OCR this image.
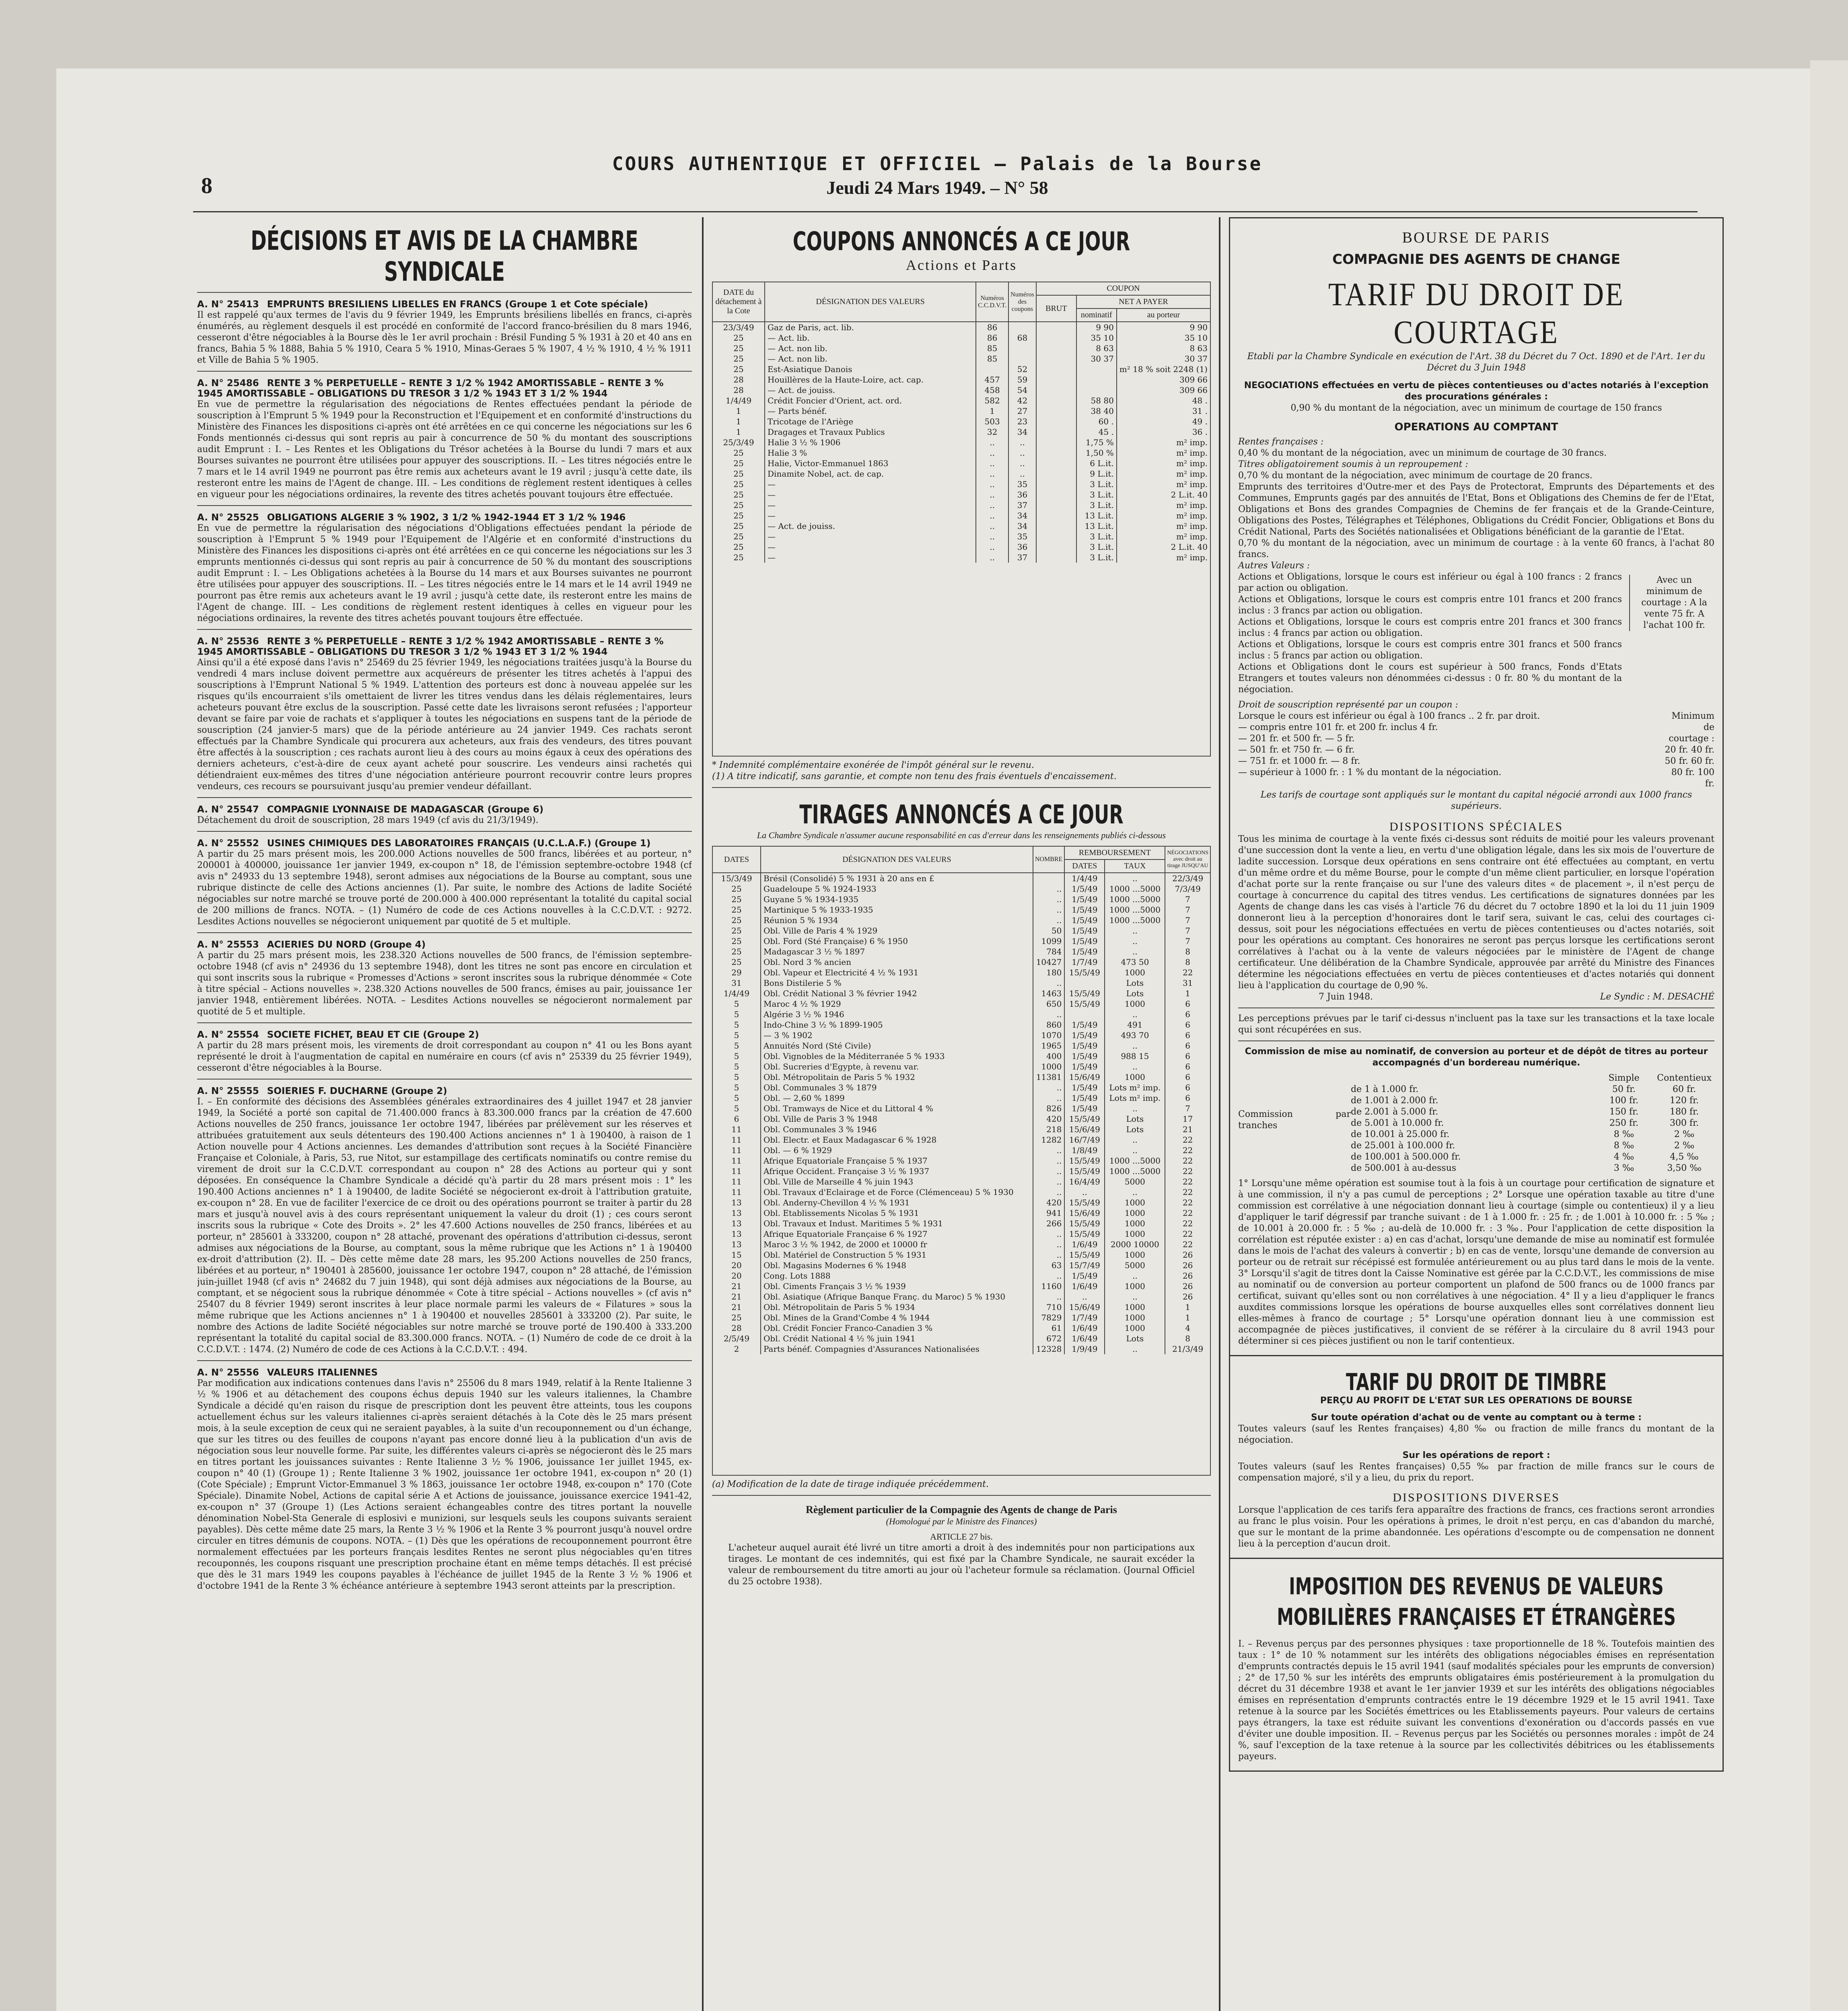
8
COURS AUTHENTIQUE ET OFFICIEL – Palais de la Bourse
Jeudi 24 Mars 1949. – N° 58
DÉCISIONS ET AVIS DE LA CHAMBRE SYNDICALE
A. N° 25413 EMPRUNTS BRESILIENS LIBELLES EN FRANCS (Groupe 1 et Cote spéciale)
Il est rappelé qu'aux termes de l'avis du 9 février 1949, les Emprunts brésiliens libellés en francs, ci-après énumérés, au règlement desquels il est procédé en conformité de l'accord franco-brésilien du 8 mars 1946, cesseront d'être négociables à la Bourse dès le 1er avril prochain : Brésil Funding 5 % 1931 à 20 et 40 ans en francs, Bahia 5 % 1888, Bahia 5 % 1910, Ceara 5 % 1910, Minas-Geraes 5 % 1907, 4 ½ % 1910, 4 ½ % 1911 et Ville de Bahia 5 % 1905.
A. N° 25486 RENTE 3 % PERPETUELLE – RENTE 3 1/2 % 1942 AMORTISSABLE – RENTE 3 % 1945 AMORTISSABLE – OBLIGATIONS DU TRESOR 3 1/2 % 1943 ET 3 1/2 % 1944
En vue de permettre la régularisation des négociations de Rentes effectuées pendant la période de souscription à l'Emprunt 5 % 1949 pour la Reconstruction et l'Equipement et en conformité d'instructions du Ministère des Finances les dispositions ci-après ont été arrêtées en ce qui concerne les négociations sur les 6 Fonds mentionnés ci-dessus qui sont repris au pair à concurrence de 50 % du montant des souscriptions audit Emprunt : I. – Les Rentes et les Obligations du Trésor achetées à la Bourse du lundi 7 mars et aux Bourses suivantes ne pourront être utilisées pour appuyer des souscriptions. II. – Les titres négociés entre le 7 mars et le 14 avril 1949 ne pourront pas être remis aux acheteurs avant le 19 avril ; jusqu'à cette date, ils resteront entre les mains de l'Agent de change. III. – Les conditions de règlement restent identiques à celles en vigueur pour les négociations ordinaires, la revente des titres achetés pouvant toujours être effectuée.
A. N° 25525 OBLIGATIONS ALGERIE 3 % 1902, 3 1/2 % 1942-1944 ET 3 1/2 % 1946
En vue de permettre la régularisation des négociations d'Obligations effectuées pendant la période de souscription à l'Emprunt 5 % 1949 pour l'Equipement de l'Algérie et en conformité d'instructions du Ministère des Finances les dispositions ci-après ont été arrêtées en ce qui concerne les négociations sur les 3 emprunts mentionnés ci-dessus qui sont repris au pair à concurrence de 50 % du montant des souscriptions audit Emprunt : I. – Les Obligations achetées à la Bourse du 14 mars et aux Bourses suivantes ne pourront être utilisées pour appuyer des souscriptions. II. – Les titres négociés entre le 14 mars et le 14 avril 1949 ne pourront pas être remis aux acheteurs avant le 19 avril ; jusqu'à cette date, ils resteront entre les mains de l'Agent de change. III. – Les conditions de règlement restent identiques à celles en vigueur pour les négociations ordinaires, la revente des titres achetés pouvant toujours être effectuée.
A. N° 25536 RENTE 3 % PERPETUELLE – RENTE 3 1/2 % 1942 AMORTISSABLE – RENTE 3 % 1945 AMORTISSABLE – OBLIGATIONS DU TRESOR 3 1/2 % 1943 ET 3 1/2 % 1944
Ainsi qu'il a été exposé dans l'avis n° 25469 du 25 février 1949, les négociations traitées jusqu'à la Bourse du vendredi 4 mars incluse doivent permettre aux acquéreurs de présenter les titres achetés à l'appui des souscriptions à l'Emprunt National 5 % 1949. L'attention des porteurs est donc à nouveau appelée sur les risques qu'ils encourraient s'ils omettaient de livrer les titres vendus dans les délais réglementaires, leurs acheteurs pouvant être exclus de la souscription. Passé cette date les livraisons seront refusées ; l'apporteur devant se faire par voie de rachats et s'appliquer à toutes les négociations en suspens tant de la période de souscription (24 janvier-5 mars) que de la période antérieure au 24 janvier 1949. Ces rachats seront effectués par la Chambre Syndicale qui procurera aux acheteurs, aux frais des vendeurs, des titres pouvant être affectés à la souscription ; ces rachats auront lieu à des cours au moins égaux à ceux des opérations des derniers acheteurs, c'est-à-dire de ceux ayant acheté pour souscrire. Les vendeurs ainsi rachetés qui détiendraient eux-mêmes des titres d'une négociation antérieure pourront recouvrir contre leurs propres vendeurs, ces recours se poursuivant jusqu'au premier vendeur défaillant.
A. N° 25547 COMPAGNIE LYONNAISE DE MADAGASCAR (Groupe 6)
Détachement du droit de souscription, 28 mars 1949 (cf avis du 21/3/1949).
A. N° 25552 USINES CHIMIQUES DES LABORATOIRES FRANÇAIS (U.C.L.A.F.) (Groupe 1)
A partir du 25 mars présent mois, les 200.000 Actions nouvelles de 500 francs, libérées et au porteur, n° 200001 à 400000, jouissance 1er janvier 1949, ex-coupon n° 18, de l'émission septembre-octobre 1948 (cf avis n° 24933 du 13 septembre 1948), seront admises aux négociations de la Bourse au comptant, sous une rubrique distincte de celle des Actions anciennes (1). Par suite, le nombre des Actions de ladite Société négociables sur notre marché se trouve porté de 200.000 à 400.000 représentant la totalité du capital social de 200 millions de francs. NOTA. – (1) Numéro de code de ces Actions nouvelles à la C.C.D.V.T. : 9272. Lesdites Actions nouvelles se négocieront uniquement par quotité de 5 et multiple.
A. N° 25553 ACIERIES DU NORD (Groupe 4)
A partir du 25 mars présent mois, les 238.320 Actions nouvelles de 500 francs, de l'émission septembre-octobre 1948 (cf avis n° 24936 du 13 septembre 1948), dont les titres ne sont pas encore en circulation et qui sont inscrits sous la rubrique « Promesses d'Actions » seront inscrites sous la rubrique dénommée « Cote à titre spécial – Actions nouvelles ». 238.320 Actions nouvelles de 500 francs, émises au pair, jouissance 1er janvier 1948, entièrement libérées. NOTA. – Lesdites Actions nouvelles se négocieront normalement par quotité de 5 et multiple.
A. N° 25554 SOCIETE FICHET, BEAU ET CIE (Groupe 2)
A partir du 28 mars présent mois, les virements de droit correspondant au coupon n° 41 ou les Bons ayant représenté le droit à l'augmentation de capital en numéraire en cours (cf avis n° 25339 du 25 février 1949), cesseront d'être négociables à la Bourse.
A. N° 25555 SOIERIES F. DUCHARNE (Groupe 2)
I. – En conformité des décisions des Assemblées générales extraordinaires des 4 juillet 1947 et 28 janvier 1949, la Société a porté son capital de 71.400.000 francs à 83.300.000 francs par la création de 47.600 Actions nouvelles de 250 francs, jouissance 1er octobre 1947, libérées par prélèvement sur les réserves et attribuées gratuitement aux seuls détenteurs des 190.400 Actions anciennes n° 1 à 190400, à raison de 1 Action nouvelle pour 4 Actions anciennes. Les demandes d'attribution sont reçues à la Société Financière Française et Coloniale, à Paris, 53, rue Nitot, sur estampillage des certificats nominatifs ou contre remise du virement de droit sur la C.C.D.V.T. correspondant au coupon n° 28 des Actions au porteur qui y sont déposées. En conséquence la Chambre Syndicale a décidé qu'à partir du 28 mars présent mois : 1° les 190.400 Actions anciennes n° 1 à 190400, de ladite Société se négocieront ex-droit à l'attribution gratuite, ex-coupon n° 28. En vue de faciliter l'exercice de ce droit ou des opérations pourront se traiter à partir du 28 mars et jusqu'à nouvel avis à des cours représentant uniquement la valeur du droit (1) ; ces cours seront inscrits sous la rubrique « Cote des Droits ». 2° les 47.600 Actions nouvelles de 250 francs, libérées et au porteur, n° 285601 à 333200, coupon n° 28 attaché, provenant des opérations d'attribution ci-dessus, seront admises aux négociations de la Bourse, au comptant, sous la même rubrique que les Actions n° 1 à 190400 ex-droit d'attribution (2). II. – Dès cette même date 28 mars, les 95.200 Actions nouvelles de 250 francs, libérées et au porteur, n° 190401 à 285600, jouissance 1er octobre 1947, coupon n° 28 attaché, de l'émission juin-juillet 1948 (cf avis n° 24682 du 7 juin 1948), qui sont déjà admises aux négociations de la Bourse, au comptant, et se négocient sous la rubrique dénommée « Cote à titre spécial – Actions nouvelles » (cf avis n° 25407 du 8 février 1949) seront inscrites à leur place normale parmi les valeurs de « Filatures » sous la même rubrique que les Actions anciennes n° 1 à 190400 et nouvelles 285601 à 333200 (2). Par suite, le nombre des Actions de ladite Société négociables sur notre marché se trouve porté de 190.400 à 333.200 représentant la totalité du capital social de 83.300.000 francs. NOTA. – (1) Numéro de code de ce droit à la C.C.D.V.T. : 1474. (2) Numéro de code de ces Actions à la C.C.D.V.T. : 494.
A. N° 25556 VALEURS ITALIENNES
Par modification aux indications contenues dans l'avis n° 25506 du 8 mars 1949, relatif à la Rente Italienne 3 ½ % 1906 et au détachement des coupons échus depuis 1940 sur les valeurs italiennes, la Chambre Syndicale a décidé qu'en raison du risque de prescription dont les peuvent être atteints, tous les coupons actuellement échus sur les valeurs italiennes ci-après seraient détachés à la Cote dès le 25 mars présent mois, à la seule exception de ceux qui ne seraient payables, à la suite d'un recouponnement ou d'un échange, que sur les titres ou des feuilles de coupons n'ayant pas encore donné lieu à la publication d'un avis de négociation sous leur nouvelle forme. Par suite, les différentes valeurs ci-après se négocieront dès le 25 mars en titres portant les jouissances suivantes : Rente Italienne 3 ½ % 1906, jouissance 1er juillet 1945, ex-coupon n° 40 (1) (Groupe 1) ; Rente Italienne 3 % 1902, jouissance 1er octobre 1941, ex-coupon n° 20 (1) (Cote Spéciale) ; Emprunt Victor-Emmanuel 3 % 1863, jouissance 1er octobre 1948, ex-coupon n° 170 (Cote Spéciale). Dinamite Nobel, Actions de capital série A et Actions de jouissance, jouissance exercice 1941-42, ex-coupon n° 37 (Groupe 1) (Les Actions seraient échangeables contre des titres portant la nouvelle dénomination Nobel-Sta Generale di esplosivi e munizioni, sur lesquels seuls les coupons suivants seraient payables). Dès cette même date 25 mars, la Rente 3 ½ % 1906 et la Rente 3 % pourront jusqu'à nouvel ordre circuler en titres démunis de coupons. NOTA. – (1) Dès que les opérations de recouponnement pourront être normalement effectuées par les porteurs français lesdites Rentes ne seront plus négociables qu'en titres recouponnés, les coupons risquant une prescription prochaine étant en même temps détachés. Il est précisé que dès le 31 mars 1949 les coupons payables à l'échéance de juillet 1945 de la Rente 3 ½ % 1906 et d'octobre 1941 de la Rente 3 % échéance antérieure à septembre 1943 seront atteints par la prescription.
COUPONS ANNONCÉS A CE JOUR
Actions et Parts
DATE du détachement à la Cote	DÉSIGNATION DES VALEURS	Numéros C.C.D.V.T.	Numéros des coupons	COUPON		
				BRUT	NET A PAYER	
					nominatif	au porteur
23/3/49	Gaz de Paris, act. lib.	86			9 90	9 90
25	— Act. lib.	86	68		35 10	35 10
25	— Act. non lib.	85			8 63	8 63
25	— Act. non lib.	85			30 37	30 37
25	Est-Asiatique Danois		52			m² 18 % soit 2248 (1)
28	Houillères de la Haute-Loire, act. cap.	457	59			309 66
28	— Act. de jouiss.	458	54			309 66
1/4/49	Crédit Foncier d'Orient, act. ord.	582	42		58 80	48 .
1	— Parts bénéf.	1	27		38 40	31 .
1	Tricotage de l'Ariège	503	23		60 .	49 .
1	Dragages et Travaux Publics	32	34		45 .	36 .
25/3/49	Halie 3 ½ % 1906	..	..		1,75 %	m² imp.
25	Halie 3 %	..	..		1,50 %	m² imp.
25	Halie, Victor-Emmanuel 1863	..	..		6 L.it.	m² imp.
25	Dinamite Nobel, act. de cap.	..	..		9 L.it.	m² imp.
25	—	..	35		3 L.it.	m² imp.
25	—	..	36		3 L.it.	2 L.it. 40
25	—	..	37		3 L.it.	m² imp.
25	—	..	34		13 L.it.	m² imp.
25	— Act. de jouiss.	..	34		13 L.it.	m² imp.
25	—	..	35		3 L.it.	m² imp.
25	—	..	36		3 L.it.	2 L.it. 40
25	—	..	37		3 L.it.	m² imp.
* Indemnité complémentaire exonérée de l'impôt général sur le revenu.
(1) A titre indicatif, sans garantie, et compte non tenu des frais éventuels d'encaissement.
TIRAGES ANNONCÉS A CE JOUR
La Chambre Syndicale n'assumer aucune responsabilité en cas d'erreur dans les renseignements publiés ci-dessous
DATES	DÉSIGNATION DES VALEURS	NOMBRE	REMBOURSEMENT		NÉGOCIATIONS avec droit au tirage JUSQU'AU
			DATES	TAUX	
15/3/49	Brésil (Consolidé) 5 % 1931 à 20 ans en £		1/4/49	..	22/3/49
25	Guadeloupe 5 % 1924-1933	..	1/5/49	1000 ...5000	7/3/49
25	Guyane 5 % 1934-1935	..	1/5/49	1000 ...5000	7
25	Martinique 5 % 1933-1935	..	1/5/49	1000 ...5000	7
25	Réunion 5 % 1934	..	1/5/49	1000 ...5000	7
25	Obl. Ville de Paris 4 % 1929	50	1/5/49	..	7
25	Obl. Ford (Sté Française) 6 % 1950	1099	1/5/49	..	7
25	Madagascar 3 ½ % 1897	784	1/5/49	..	8
25	Obl. Nord 3 % ancien	10427	1/7/49	473 50	8
29	Obl. Vapeur et Electricité 4 ½ % 1931	180	15/5/49	1000	22
31	Bons Distilerie 5 %	..		Lots	31
1/4/49	Obl. Crédit National 3 % février 1942	1463	15/5/49	Lots	1
5	Maroc 4 ½ % 1929	650	15/5/49	1000	6
5	Algérie 3 ½ % 1946	..		..	6
5	Indo-Chine 3 ½ % 1899-1905	860	1/5/49	491	6
5	— 3 % 1902	1070	1/5/49	493 70	6
5	Annuités Nord (Sté Civile)	1965	1/5/49	..	6
5	Obl. Vignobles de la Méditerranée 5 % 1933	400	1/5/49	988 15	6
5	Obl. Sucreries d'Egypte, à revenu var.	1000	1/5/49	..	6
5	Obl. Métropolitain de Paris 5 % 1932	11381	15/6/49	1000	6
5	Obl. Communales 3 % 1879	..	1/5/49	Lots m² imp.	6
5	Obl. — 2,60 % 1899	..	1/5/49	Lots m² imp.	6
5	Obl. Tramways de Nice et du Littoral 4 %	826	1/5/49	..	7
6	Obl. Ville de Paris 3 % 1948	420	15/5/49	Lots	17
11	Obl. Communales 3 % 1946	218	15/6/49	Lots	21
11	Obl. Electr. et Eaux Madagascar 6 % 1928	1282	16/7/49	..	22
11	Obl. — 6 % 1929	..	1/8/49	..	22
11	Afrique Equatoriale Française 5 % 1937	..	15/5/49	1000 ...5000	22
11	Afrique Occident. Française 3 ½ % 1937	..	15/5/49	1000 ...5000	22
11	Obl. Ville de Marseille 4 % juin 1943	..	16/4/49	5000	22
11	Obl. Travaux d'Eclairage et de Force (Clémenceau) 5 % 1930	..	..	..	22
13	Obl. Anderny-Chevillon 4 ½ % 1931	420	15/5/49	1000	22
13	Obl. Etablissements Nicolas 5 % 1931	941	15/6/49	1000	22
13	Obl. Travaux et Indust. Maritimes 5 % 1931	266	15/5/49	1000	22
13	Afrique Equatoriale Française 6 % 1927	..	15/5/49	1000	22
13	Maroc 3 ½ % 1942, de 2000 et 10000 fr	..	1/6/49	2000 10000	22
15	Obl. Matériel de Construction 5 % 1931	..	15/5/49	1000	26
20	Obl. Magasins Modernes 6 % 1948	63	15/7/49	5000	26
20	Cong. Lots 1888	..	1/5/49	..	26
21	Obl. Ciments Français 3 ½ % 1939	1160	1/6/49	1000	26
21	Obl. Asiatique (Afrique Banque Franç. du Maroc) 5 % 1930	..	..	..	26
21	Obl. Métropolitain de Paris 5 % 1934	710	15/6/49	1000	1
25	Obl. Mines de la Grand'Combe 4 % 1944	7829	1/7/49	1000	1
28	Obl. Crédit Foncier Franco-Canadien 3 %	61	1/6/49	1000	4
2/5/49	Obl. Crédit National 4 ½ % juin 1941	672	1/6/49	Lots	8
2	Parts bénéf. Compagnies d'Assurances Nationalisées	12328	1/9/49	..	21/3/49
(a) Modification de la date de tirage indiquée précédemment.
Règlement particulier de la Compagnie des Agents de change de Paris
(Homologué par le Ministre des Finances)
ARTICLE 27 bis.
L'acheteur auquel aurait été livré un titre amorti a droit à des indemnités pour non participations aux tirages. Le montant de ces indemnités, qui est fixé par la Chambre Syndicale, ne saurait excéder la valeur de remboursement du titre amorti au jour où l'acheteur formule sa réclamation. (Journal Officiel du 25 octobre 1938).
BOURSE DE PARIS
COMPAGNIE DES AGENTS DE CHANGE
TARIF DU DROIT DE COURTAGE
Etabli par la Chambre Syndicale en exécution de l'Art. 38 du Décret du 7 Oct. 1890 et de l'Art. 1er du Décret du 3 Juin 1948
NEGOCIATIONS effectuées en vertu de pièces contentieuses ou d'actes notariés à l'exception des procurations générales :
0,90 % du montant de la négociation, avec un minimum de courtage de 150 francs
OPERATIONS AU COMPTANT
Rentes françaises :
0,40 % du montant de la négociation, avec un minimum de courtage de 30 francs.
Titres obligatoirement soumis à un reproupement :
0,70 % du montant de la négociation, avec minimum de courtage de 20 francs.
Emprunts des territoires d'Outre-mer et des Pays de Protectorat, Emprunts des Départements et des Communes, Emprunts gagés par des annuités de l'Etat, Bons et Obligations des Chemins de fer de l'Etat, Obligations et Bons des grandes Compagnies de Chemins de fer français et de la Grande-Ceinture, Obligations des Postes, Télégraphes et Téléphones, Obligations du Crédit Foncier, Obligations et Bons du Crédit National, Parts des Sociétés nationalisées et Obligations bénéficiant de la garantie de l'Etat.
0,70 % du montant de la négociation, avec un minimum de courtage : à la vente 60 francs, à l'achat 80 francs.
Autres Valeurs :
Actions et Obligations, lorsque le cours est inférieur ou égal à 100 francs : 2 francs par action ou obligation.
Actions et Obligations, lorsque le cours est compris entre 101 francs et 200 francs inclus : 3 francs par action ou obligation.
Actions et Obligations, lorsque le cours est compris entre 201 francs et 300 francs inclus : 4 francs par action ou obligation.
Actions et Obligations, lorsque le cours est compris entre 301 francs et 500 francs inclus : 5 francs par action ou obligation.
Actions et Obligations dont le cours est supérieur à 500 francs, Fonds d'Etats Etrangers et toutes valeurs non dénommées ci-dessus : 0 fr. 80 % du montant de la négociation.
Avec un minimum de courtage : A la vente 75 fr. A l'achat 100 fr.
Droit de souscription représenté par un coupon :
Lorsque le cours est inférieur ou égal à 100 francs .. 2 fr. par droit.
— compris entre 101 fr. et 200 fr. inclus 4 fr.
— 201 fr. et 500 fr. — 5 fr.
— 501 fr. et 750 fr. — 6 fr.
— 751 fr. et 1000 fr. — 8 fr.
— supérieur à 1000 fr. : 1 % du montant de la négociation.
Minimum de courtage : 20 fr. 40 fr. 50 fr. 60 fr. 80 fr. 100 fr.
Les tarifs de courtage sont appliqués sur le montant du capital négocié arrondi aux 1000 francs supérieurs.
DISPOSITIONS SPÉCIALES
Tous les minima de courtage à la vente fixés ci-dessus sont réduits de moitié pour les valeurs provenant d'une succession dont la vente a lieu, en vertu d'une obligation légale, dans les six mois de l'ouverture de ladite succession. Lorsque deux opérations en sens contraire ont été effectuées au comptant, en vertu d'un même ordre et du même Bourse, pour le compte d'un même client particulier, en lorsque l'opération d'achat porte sur la rente française ou sur l'une des valeurs dites « de placement », il n'est perçu de courtage à concurrence du capital des titres vendus. Les certifications de signatures données par les Agents de change dans les cas visés à l'article 76 du décret du 7 octobre 1890 et la loi du 11 juin 1909 donneront lieu à la perception d'honoraires dont le tarif sera, suivant le cas, celui des courtages ci-dessus, soit pour les négociations effectuées en vertu de pièces contentieuses ou d'actes notariés, soit pour les opérations au comptant. Ces honoraires ne seront pas perçus lorsque les certifications seront corrélatives à l'achat ou à la vente de valeurs négociées par le ministère de l'Agent de change certificateur. Une délibération de la Chambre Syndicale, approuvée par arrêté du Ministre des Finances détermine les négociations effectuées en vertu de pièces contentieuses et d'actes notariés qui donnent lieu à l'application du courtage de 0,90 %.
7 Juin 1948.	Le Syndic : M. DESACHÉ
Les perceptions prévues par le tarif ci-dessus n'incluent pas la taxe sur les transactions et la taxe locale qui sont récupérées en sus.
Commission de mise au nominatif, de conversion au porteur et de dépôt de titres au porteur accompagnés d'un bordereau numérique.
Commission par tranches
Simple	Contentieux
de 1 à 1.000 fr.	50 fr.	60 fr.
de 1.001 à 2.000 fr.	100 fr.	120 fr.
de 2.001 à 5.000 fr.	150 fr.	180 fr.
de 5.001 à 10.000 fr.	250 fr.	300 fr.
de 10.001 à 25.000 fr.	8 ‰	2 ‰
de 25.001 à 100.000 fr.	8 ‰	2 ‰
de 100.001 à 500.000 fr.	4 ‰	4,5 ‰
de 500.001 à au-dessus	3 ‰	3,50 ‰
1° Lorsqu'une même opération est soumise tout à la fois à un courtage pour certification de signature et à une commission, il n'y a pas cumul de perceptions ; 2° Lorsque une opération taxable au titre d'une commission est corrélative à une négociation donnant lieu à courtage (simple ou contentieux) il y a lieu d'appliquer le tarif dégressif par tranche suivant : de 1 à 1.000 fr. : 25 fr. ; de 1.001 à 10.000 fr. : 5 ‰ ; de 10.001 à 20.000 fr. : 5 ‰ ; au-delà de 10.000 fr. : 3 ‰. Pour l'application de cette disposition la corrélation est réputée exister : a) en cas d'achat, lorsqu'une demande de mise au nominatif est formulée dans le mois de l'achat des valeurs à convertir ; b) en cas de vente, lorsqu'une demande de conversion au porteur ou de retrait sur récépissé est formulée antérieurement ou au plus tard dans le mois de la vente. 3° Lorsqu'il s'agit de titres dont la Caisse Nominative est gérée par la C.C.D.V.T., les commissions de mise au nominatif ou de conversion au porteur comportent un plafond de 500 francs ou de 1000 francs par certificat, suivant qu'elles sont ou non corrélatives à une négociation. 4° Il y a lieu d'appliquer le francs auxdites commissions lorsque les opérations de bourse auxquelles elles sont corrélatives donnent lieu elles-mêmes à franco de courtage ; 5° Lorsqu'une opération donnant lieu à une commission est accompagnée de pièces justificatives, il convient de se référer à la circulaire du 8 avril 1943 pour déterminer si ces pièces justifient ou non le tarif contentieux.
TARIF DU DROIT DE TIMBRE
PERÇU AU PROFIT DE L'ETAT SUR LES OPERATIONS DE BOURSE
Sur toute opération d'achat ou de vente au comptant ou à terme :
Toutes valeurs (sauf les Rentes françaises) 4,80 ‰ ou fraction de mille francs du montant de la négociation.
Sur les opérations de report :
Toutes valeurs (sauf les Rentes françaises) 0,55 ‰ par fraction de mille francs sur le cours de compensation majoré, s'il y a lieu, du prix du report.
DISPOSITIONS DIVERSES
Lorsque l'application de ces tarifs fera apparaître des fractions de francs, ces fractions seront arrondies au franc le plus voisin. Pour les opérations à primes, le droit n'est perçu, en cas d'abandon du marché, que sur le montant de la prime abandonnée. Les opérations d'escompte ou de compensation ne donnent lieu à la perception d'aucun droit.
IMPOSITION DES REVENUS DE VALEURS MOBILIÈRES FRANÇAISES ET ÉTRANGÈRES
I. – Revenus perçus par des personnes physiques : taxe proportionnelle de 18 %. Toutefois maintien des taux : 1° de 10 % notamment sur les intérêts des obligations négociables émises en représentation d'emprunts contractés depuis le 15 avril 1941 (sauf modalités spéciales pour les emprunts de conversion) ; 2° de 17,50 % sur les intérêts des emprunts obligataires émis postérieurement à la promulgation du décret du 31 décembre 1938 et avant le 1er janvier 1939 et sur les intérêts des obligations négociables émises en représentation d'emprunts contractés entre le 19 décembre 1929 et le 15 avril 1941. Taxe retenue à la source par les Sociétés émettrices ou les Etablissements payeurs. Pour valeurs de certains pays étrangers, la taxe est réduite suivant les conventions d'exonération ou d'accords passés en vue d'éviter une double imposition. II. – Revenus perçus par les Sociétés ou personnes morales : impôt de 24 %, sauf l'exception de la taxe retenue à la source par les collectivités débitrices ou les établissements payeurs.
